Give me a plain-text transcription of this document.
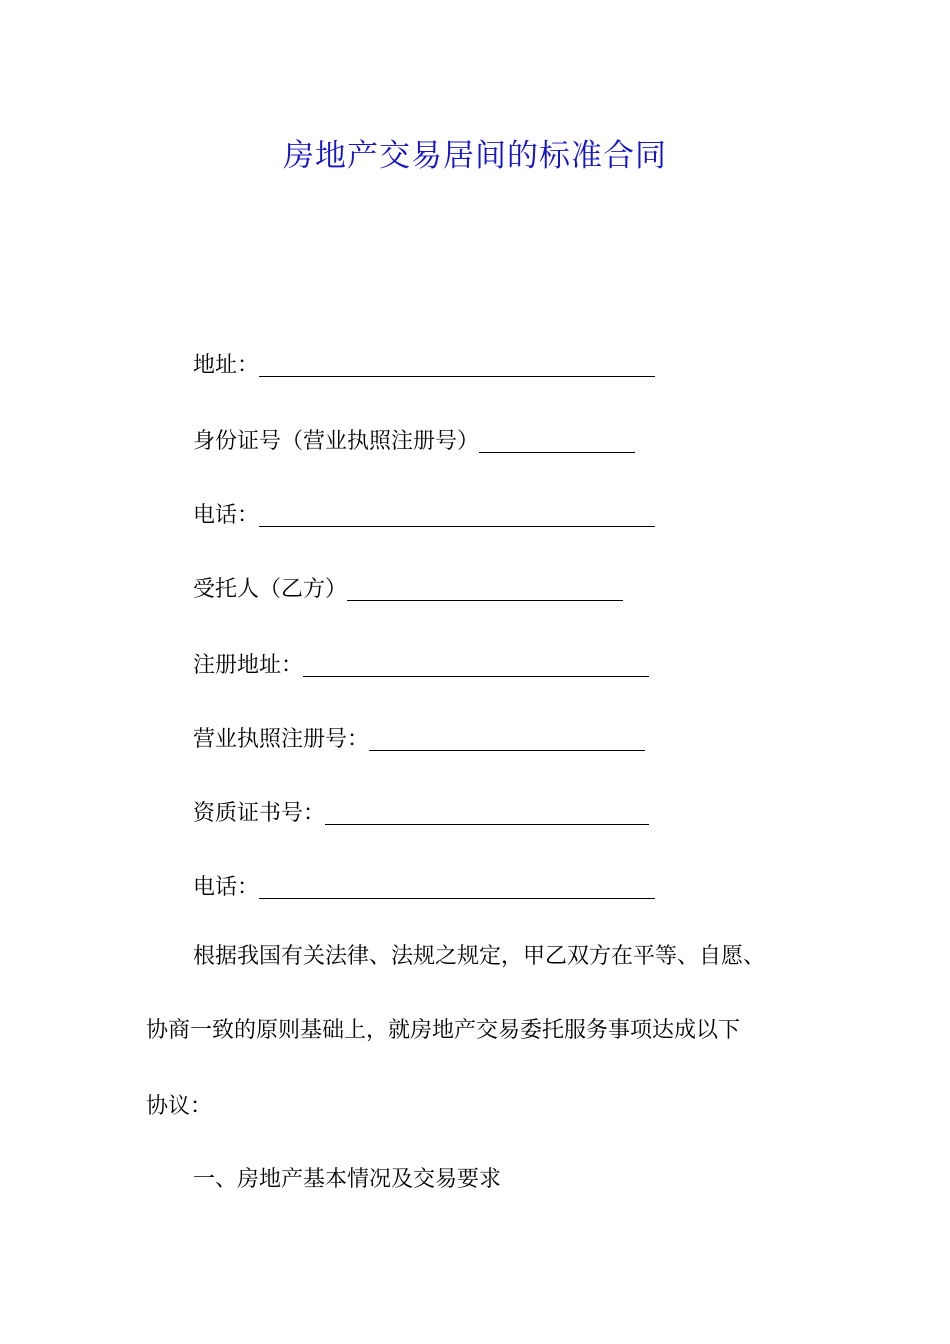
房地产交易居间的标准合同
地址：
身份证号（营业执照注册号）
电话：
受托人（乙方）
注册地址：
营业执照注册号：
资质证书号：
电话：
根据我国有关法律、法规之规定，甲乙双方在平等、自愿、
协商一致的原则基础上，就房地产交易委托服务事项达成以下
协议：
一、房地产基本情况及交易要求
